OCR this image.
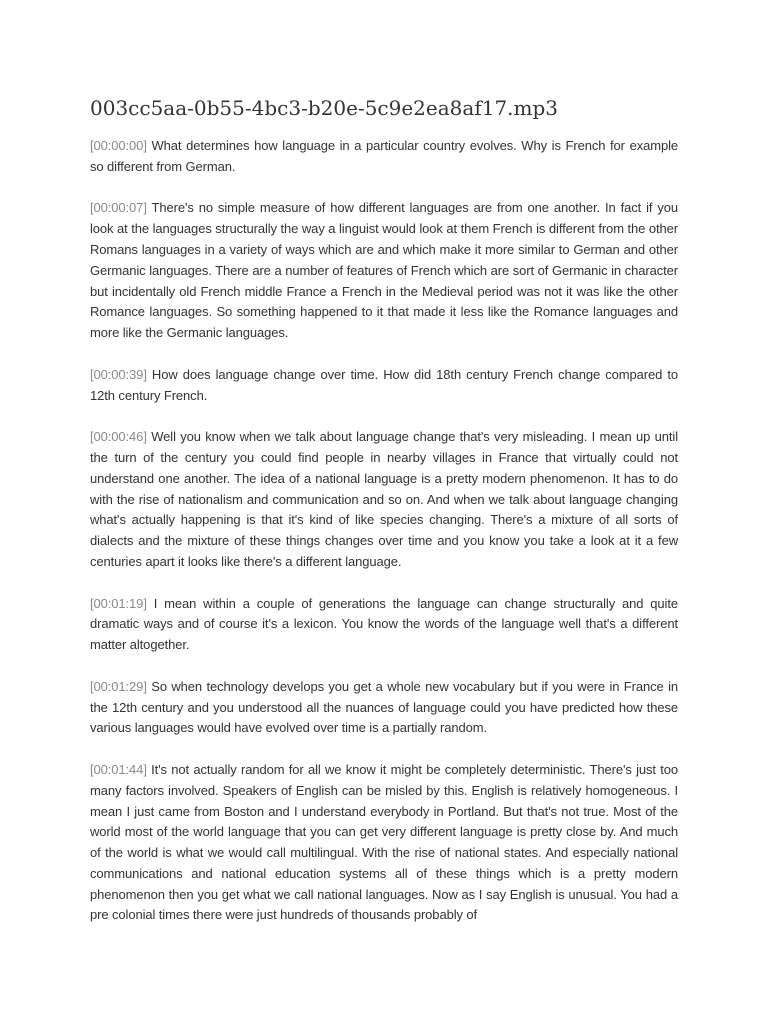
003cc5aa-0b55-4bc3-b20e-5c9e2ea8af17.mp3

[00:00:00] What determines how language in a particular country evolves. Why is French for example so different from German.

[00:00:07] There's no simple measure of how different languages are from one another. In fact if you look at the languages structurally the way a linguist would look at them French is different from the other Romans languages in a variety of ways which are and which make it more similar to German and other Germanic languages. There are a number of features of French which are sort of Germanic in character but incidentally old French middle France a French in the Medieval period was not it was like the other Romance languages. So something happened to it that made it less like the Romance languages and more like the Germanic languages.

[00:00:39] How does language change over time. How did 18th century French change compared to 12th century French.

[00:00:46] Well you know when we talk about language change that's very misleading. I mean up until the turn of the century you could find people in nearby villages in France that virtually could not understand one another. The idea of a national language is a pretty modern phenomenon. It has to do with the rise of nationalism and communication and so on. And when we talk about language changing what's actually happening is that it's kind of like species changing. There's a mixture of all sorts of dialects and the mixture of these things changes over time and you know you take a look at it a few centuries apart it looks like there's a different language.

[00:01:19] I mean within a couple of generations the language can change structurally and quite dramatic ways and of course it's a lexicon. You know the words of the language well that's a different matter altogether.

[00:01:29] So when technology develops you get a whole new vocabulary but if you were in France in the 12th century and you understood all the nuances of language could you have predicted how these various languages would have evolved over time is a partially random.

[00:01:44] It's not actually random for all we know it might be completely deterministic. There's just too many factors involved. Speakers of English can be misled by this. English is relatively homogeneous. I mean I just came from Boston and I understand everybody in Portland. But that's not true. Most of the world most of the world language that you can get very different language is pretty close by. And much of the world is what we would call multilingual. With the rise of national states. And especially national communications and national education systems all of these things which is a pretty modern phenomenon then you get what we call national languages. Now as I say English is unusual. You had a pre colonial times there were just hundreds of thousands probably of
